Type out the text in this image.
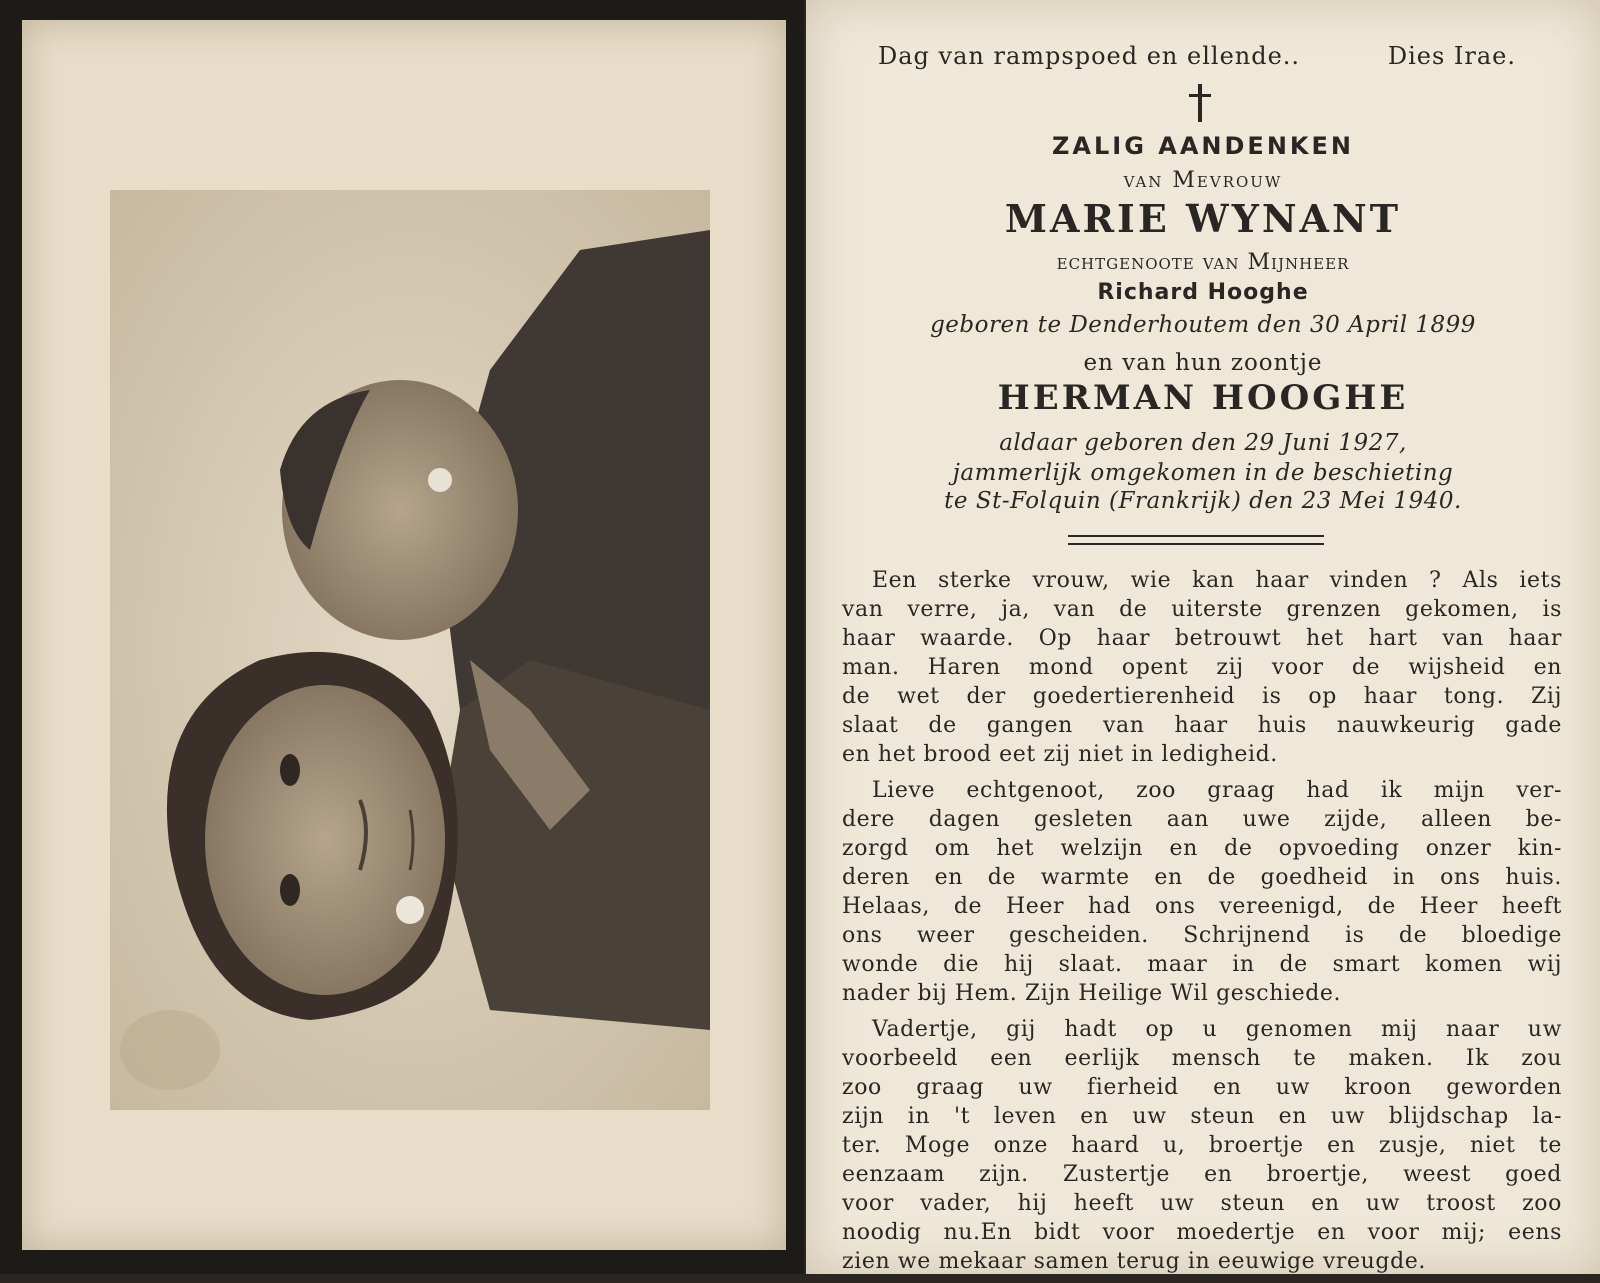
Dag van rampspoed en ellende..	Dies Irae.
ZALIG AANDENKEN
van Mevrouw
MARIE WYNANT
echtgenoote van Mijnheer
Richard Hooghe
geboren te Denderhoutem den 30 April 1899
en van hun zoontje
HERMAN HOOGHE
aldaar geboren den 29 Juni 1927,
jammerlijk omgekomen in de beschieting
te St-Folquin (Frankrijk) den 23 Mei 1940.
Een sterke vrouw, wie kan haar vinden ? Als iets
van verre, ja, van de uiterste grenzen gekomen, is
haar waarde. Op haar betrouwt het hart van haar
man. Haren mond opent zij voor de wijsheid en
de wet der goedertierenheid is op haar tong. Zij
slaat de gangen van haar huis nauwkeurig gade
en het brood eet zij niet in ledigheid.
Lieve echtgenoot, zoo graag had ik mijn ver-
dere dagen gesleten aan uwe zijde, alleen be-
zorgd om het welzijn en de opvoeding onzer kin-
deren en de warmte en de goedheid in ons huis.
Helaas, de Heer had ons vereenigd, de Heer heeft
ons weer gescheiden. Schrijnend is de bloedige
wonde die hij slaat. maar in de smart komen wij
nader bij Hem. Zijn Heilige Wil geschiede.
Vadertje, gij hadt op u genomen mij naar uw
voorbeeld een eerlijk mensch te maken. Ik zou
zoo graag uw fierheid en uw kroon geworden
zijn in 't leven en uw steun en uw blijdschap la-
ter. Moge onze haard u, broertje en zusje, niet te
eenzaam zijn. Zustertje en broertje, weest goed
voor vader, hij heeft uw steun en uw troost zoo
noodig nu.En bidt voor moedertje en voor mij; eens
zien we mekaar samen terug in eeuwige vreugde.
